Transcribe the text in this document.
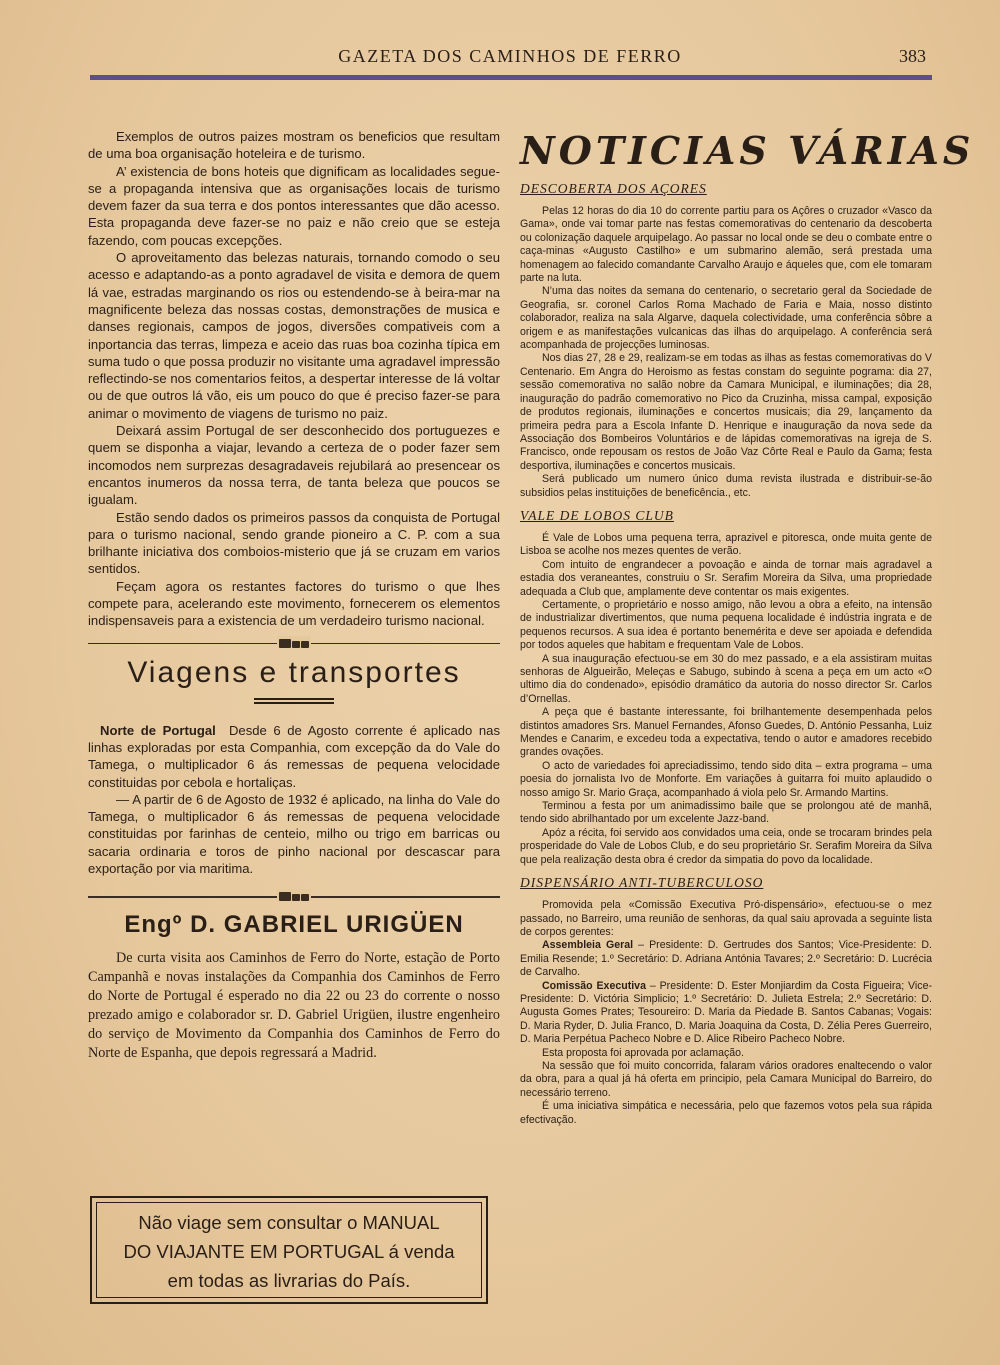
GAZETA DOS CAMINHOS DE FERRO	383

Exemplos de outros paizes mostram os beneficios que resultam de uma boa organisação hoteleira e de turismo.

A’ existencia de bons hoteis que dignificam as localidades segue-se a propaganda intensiva que as organisações locais de turismo devem fazer da sua terra e dos pontos interessantes que dão acesso. Esta propaganda deve fazer-se no paiz e não creio que se esteja fazendo, com poucas excepções.

O aproveitamento das belezas naturais, tornando comodo o seu acesso e adaptando-as a ponto agradavel de visita e demora de quem lá vae, estradas marginando os rios ou estendendo-se à beira-mar na magnificente beleza das nossas costas, demonstrações de musica e danses regionais, campos de jogos, diversões compativeis com a inportancia das terras, limpeza e aceio das ruas boa cozinha típica em suma tudo o que possa produzir no visitante uma agradavel impressão reflectindo-se nos comentarios feitos, a despertar interesse de lá voltar ou de que outros lá vão, eis um pouco do que é preciso fazer-se para animar o movimento de viagens de turismo no paiz.

Deixará assim Portugal de ser desconhecido dos portuguezes e quem se disponha a viajar, levando a certeza de o poder fazer sem incomodos nem surprezas desagradaveis rejubilará ao presencear os encantos inumeros da nossa terra, de tanta beleza que poucos se igualam.

Estão sendo dados os primeiros passos da conquista de Portugal para o turismo nacional, sendo grande pioneiro a C. P. com a sua brilhante iniciativa dos comboios-misterio que já se cruzam em varios sentidos.

Feçam agora os restantes factores do turismo o que lhes compete para, acelerando este movimento, fornecerem os elementos indispensaveis para a existencia de um verdadeiro turismo nacional.

Viagens e transportes

Norte de Portugal Desde 6 de Agosto corrente é aplicado nas linhas exploradas por esta Companhia, com excepção da do Vale do Tamega, o multiplicador 6 ás remessas de pequena velocidade constituidas por cebola e hortaliças.

— A partir de 6 de Agosto de 1932 é aplicado, na linha do Vale do Tamega, o multiplicador 6 ás remessas de pequena velocidade constituidas por farinhas de centeio, milho ou trigo em barricas ou sacaria ordinaria e toros de pinho nacional por descascar para exportação por via maritima.

Engº D. GABRIEL URIGÜEN

De curta visita aos Caminhos de Ferro do Norte, estação de Porto Campanhã e novas instalações da Companhia dos Caminhos de Ferro do Norte de Portugal é esperado no dia 22 ou 23 do corrente o nosso prezado amigo e colaborador sr. D. Gabriel Urigüen, ilustre engenheiro do serviço de Movimento da Companhia dos Caminhos de Ferro do Norte de Espanha, que depois regressará a Madrid.

Não viage sem consultar o MANUAL
DO VIAJANTE EM PORTUGAL á venda
em todas as livrarias do País.
NOTICIAS VÁRIAS
DESCOBERTA DOS AÇORES

Pelas 12 horas do dia 10 do corrente partiu para os Açôres o cruzador «Vasco da Gama», onde vai tomar parte nas festas comemorativas do centenario da descoberta ou colonização daquele arquipelago. Ao passar no local onde se deu o combate entre o caça-minas «Augusto Castilho» e um submarino alemão, será prestada uma homenagem ao falecido comandante Carvalho Araujo e áqueles que, com ele tomaram parte na luta.

N’uma das noites da semana do centenario, o secretario geral da Sociedade de Geografia, sr. coronel Carlos Roma Machado de Faria e Maia, nosso distinto colaborador, realiza na sala Algarve, daquela colectividade, uma conferência sôbre a origem e as manifestações vulcanicas das ilhas do arquipelago. A conferência será acompanhada de projecções luminosas.

Nos dias 27, 28 e 29, realizam-se em todas as ilhas as festas comemorativas do V Centenario. Em Angra do Heroismo as festas constam do seguinte pograma: dia 27, sessão comemorativa no salão nobre da Camara Municipal, e iluminações; dia 28, inauguração do padrão comemorativo no Pico da Cruzinha, missa campal, exposição de produtos regionais, iluminações e concertos musicais; dia 29, lançamento da primeira pedra para a Escola Infante D. Henrique e inauguração da nova sede da Associação dos Bombeiros Voluntários e de lápidas comemorativas na igreja de S. Francisco, onde repousam os restos de João Vaz Côrte Real e Paulo da Gama; festa desportiva, iluminações e concertos musicais.

Será publicado um numero único duma revista ilustrada e distribuir-se-ão subsidios pelas instituições de beneficência., etc.

VALE DE LOBOS CLUB

É Vale de Lobos uma pequena terra, aprazivel e pitoresca, onde muita gente de Lisboa se acolhe nos mezes quentes de verão.

Com intuito de engrandecer a povoação e ainda de tornar mais agradavel a estadia dos veraneantes, construiu o Sr. Serafim Moreira da Silva, uma propriedade adequada a Club que, amplamente deve contentar os mais exigentes.

Certamente, o proprietário e nosso amigo, não levou a obra a efeito, na intensão de industrializar divertimentos, que numa pequena localidade é indústria ingrata e de pequenos recursos. A sua idea é portanto benemérita e deve ser apoiada e defendida por todos aqueles que habitam e frequentam Vale de Lobos.

A sua inauguração efectuou-se em 30 do mez passado, e a ela assistiram muitas senhoras de Algueirão, Meleças e Sabugo, subindo à scena a peça em um acto «O ultimo dia do condenado», episódio dramático da autoria do nosso director Sr. Carlos d’Ornellas.

A peça que é bastante interessante, foi brilhantemente desempenhada pelos distintos amadores Srs. Manuel Fernandes, Afonso Guedes, D. António Pessanha, Luiz Mendes e Canarim, e excedeu toda a expectativa, tendo o autor e amadores recebido grandes ovações.

O acto de variedades foi apreciadissimo, tendo sido dita – extra programa – uma poesia do jornalista Ivo de Monforte. Em variações à guitarra foi muito aplaudido o nosso amigo Sr. Mario Graça, acompanhado á viola pelo Sr. Armando Martins.

Terminou a festa por um animadissimo baile que se prolongou até de manhã, tendo sido abrilhantado por um excelente Jazz-band.

Apóz a récita, foi servido aos convidados uma ceia, onde se trocaram brindes pela prosperidade do Vale de Lobos Club, e do seu proprietário Sr. Serafim Moreira da Silva que pela realização desta obra é credor da simpatia do povo da localidade.

DISPENSÁRIO ANTI-TUBERCULOSO

Promovida pela «Comissão Executiva Pró-dispensário», efectuou-se o mez passado, no Barreiro, uma reunião de senhoras, da qual saiu aprovada a seguinte lista de corpos gerentes:

Assembleia Geral – Presidente: D. Gertrudes dos Santos; Vice-Presidente: D. Emilia Resende; 1.º Secretário: D. Adriana Antónia Tavares; 2.º Secretário: D. Lucrécia de Carvalho.

Comissão Executiva – Presidente: D. Ester Monjiardim da Costa Figueira; Vice-Presidente: D. Victória Simplicio; 1.º Secretário: D. Julieta Estrela; 2.º Secretário: D. Augusta Gomes Prates; Tesoureiro: D. Maria da Piedade B. Santos Cabanas; Vogais: D. Maria Ryder, D. Julia Franco, D. Maria Joaquina da Costa, D. Zélia Peres Guerreiro, D. Maria Perpétua Pacheco Nobre e D. Alice Ribeiro Pacheco Nobre.

Esta proposta foi aprovada por aclamação.

Na sessão que foi muito concorrida, falaram vários oradores enaltecendo o valor da obra, para a qual já há oferta em principio, pela Camara Municipal do Barreiro, do necessário terreno.

É uma iniciativa simpática e necessária, pelo que fazemos votos pela sua rápida efectivação.
